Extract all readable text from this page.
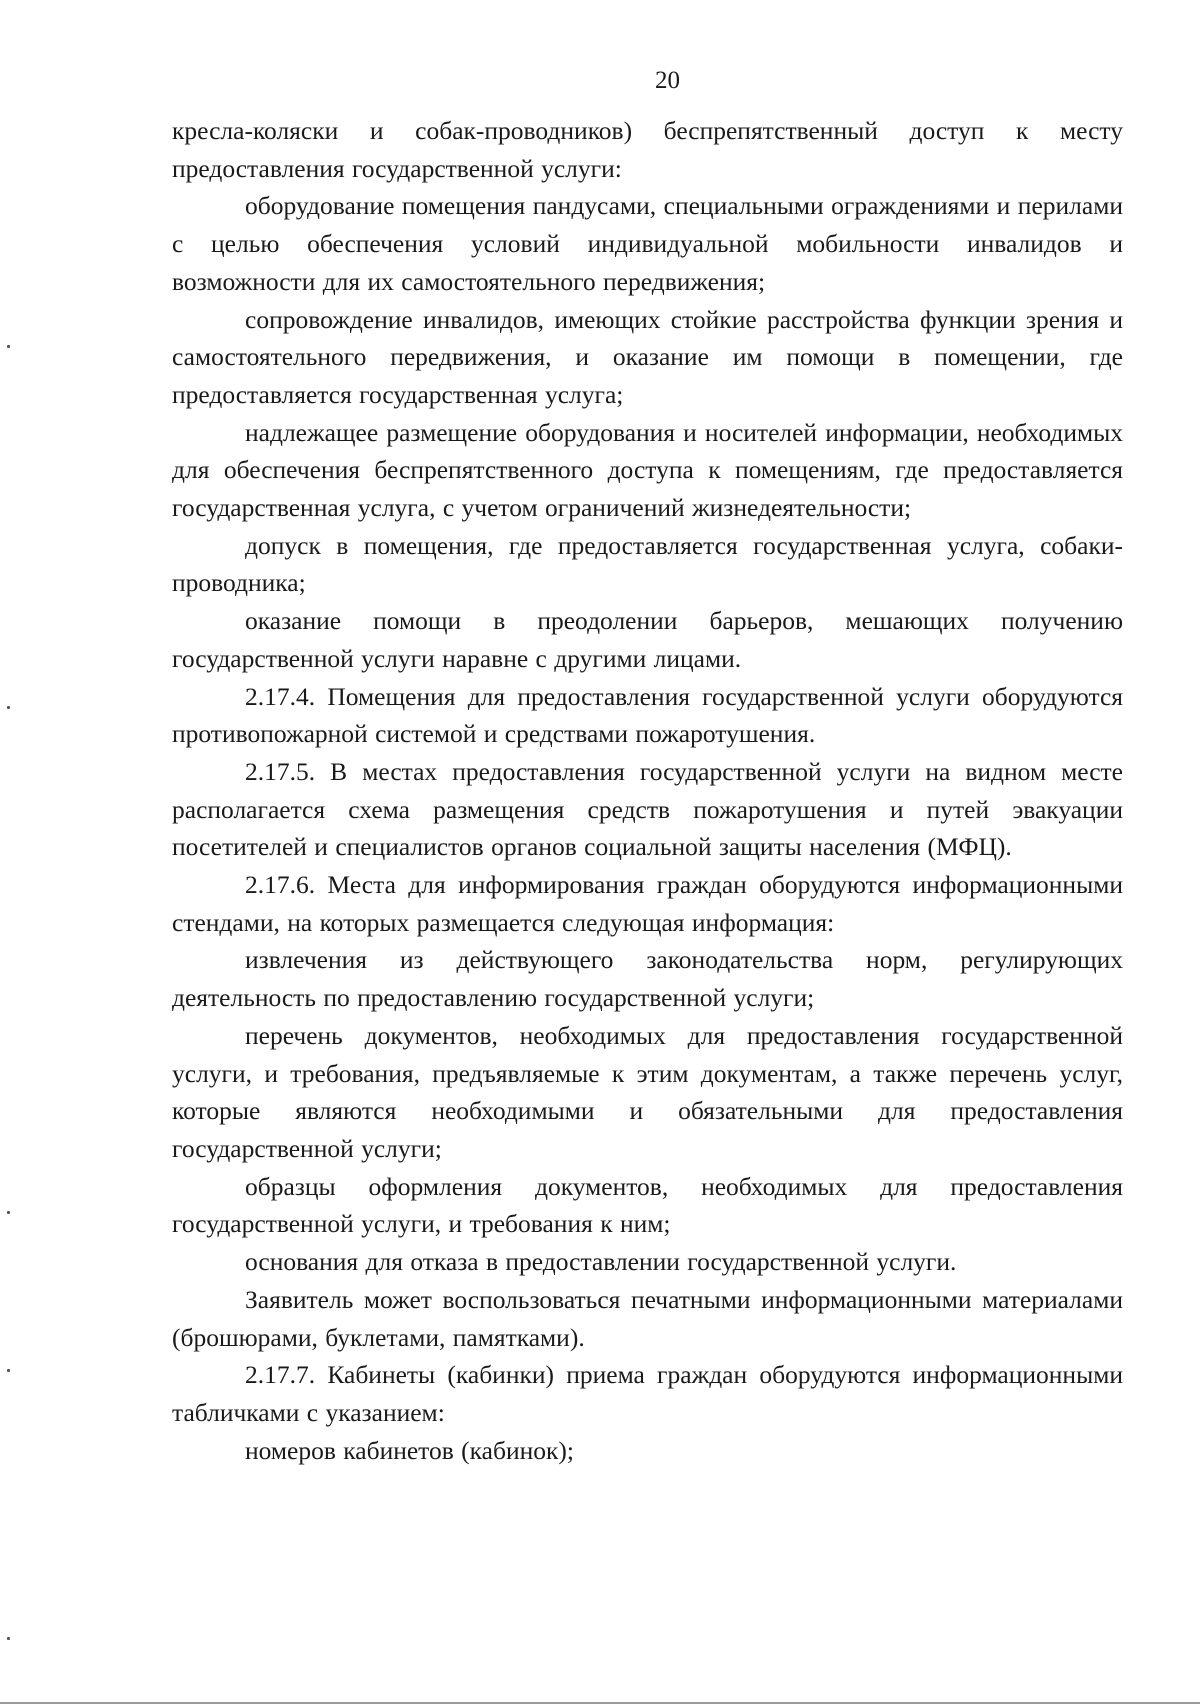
20

кресла-коляски и собак-проводников) беспрепятственный доступ к месту предоставления государственной услуги:

оборудование помещения пандусами, специальными ограждениями и перилами с целью обеспечения условий индивидуальной мобильности инвалидов и возможности для их самостоятельного передвижения;

сопровождение инвалидов, имеющих стойкие расстройства функции зрения и самостоятельного передвижения, и оказание им помощи в помещении, где предоставляется государственная услуга;

надлежащее размещение оборудования и носителей информации, необходимых для обеспечения беспрепятственного доступа к помещениям, где предоставляется государственная услуга, с учетом ограничений жизнедеятельности;

допуск в помещения, где предоставляется государственная услуга, собаки-проводника;

оказание помощи в преодолении барьеров, мешающих получению государственной услуги наравне с другими лицами.

2.17.4. Помещения для предоставления государственной услуги оборудуются противопожарной системой и средствами пожаротушения.

2.17.5. В местах предоставления государственной услуги на видном месте располагается схема размещения средств пожаротушения и путей эвакуации посетителей и специалистов органов социальной защиты населения (МФЦ).

2.17.6. Места для информирования граждан оборудуются информационными стендами, на которых размещается следующая информация:

извлечения из действующего законодательства норм, регулирующих деятельность по предоставлению государственной услуги;

перечень документов, необходимых для предоставления государственной услуги, и требования, предъявляемые к этим документам, а также перечень услуг, которые являются необходимыми и обязательными для предоставления государственной услуги;

образцы оформления документов, необходимых для предоставления государственной услуги, и требования к ним;

основания для отказа в предоставлении государственной услуги.

Заявитель может воспользоваться печатными информационными материалами (брошюрами, буклетами, памятками).

2.17.7. Кабинеты (кабинки) приема граждан оборудуются информационными табличками с указанием:

номеров кабинетов (кабинок);
